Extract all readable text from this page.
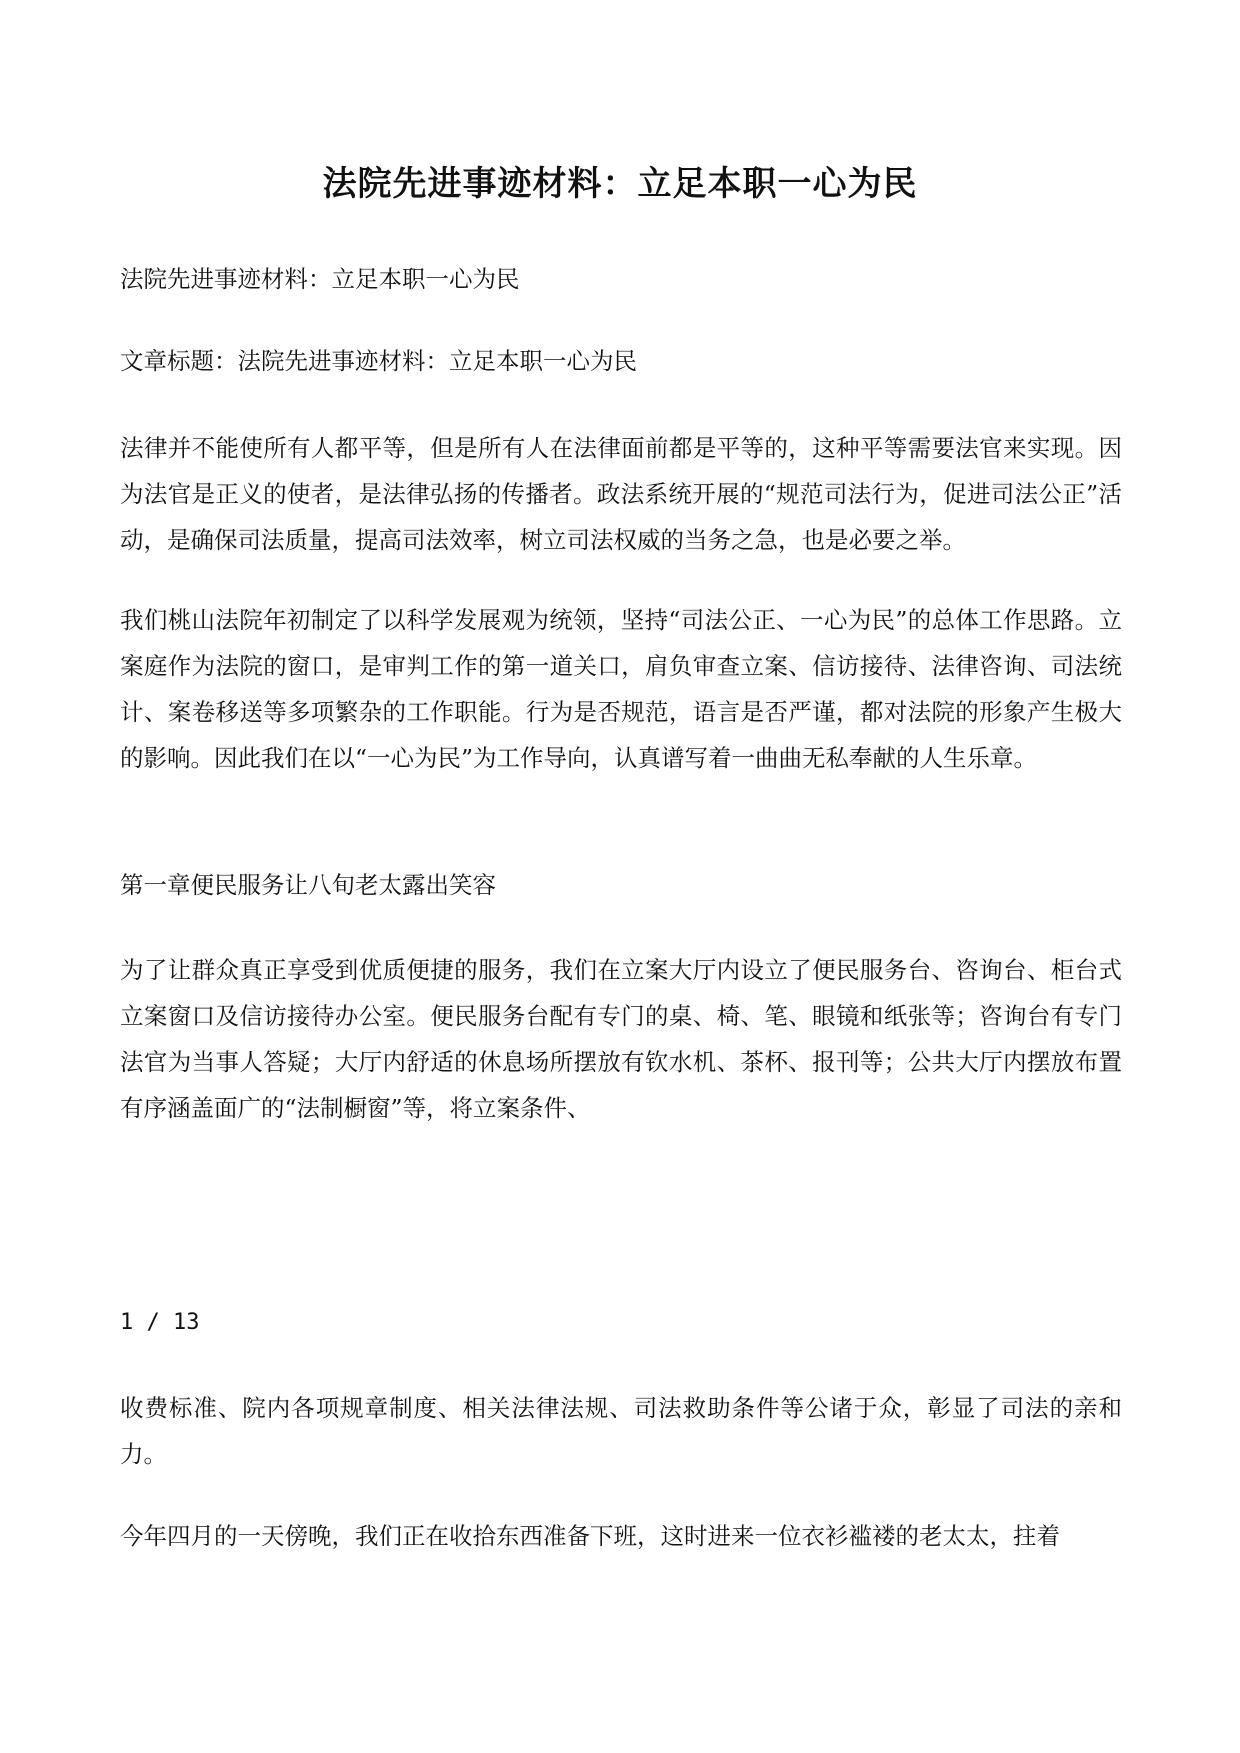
法院先进事迹材料：立足本职一心为民

法院先进事迹材料：立足本职一心为民

文章标题：法院先进事迹材料：立足本职一心为民

法律并不能使所有人都平等，但是所有人在法律面前都是平等的，这种平等需要法官来实现。因为法官是正义的使者，是法律弘扬的传播者。政法系统开展的“规范司法行为，促进司法公正”活动，是确保司法质量，提高司法效率，树立司法权威的当务之急，也是必要之举。

我们桃山法院年初制定了以科学发展观为统领，坚持“司法公正、一心为民”的总体工作思路。立案庭作为法院的窗口，是审判工作的第一道关口，肩负审查立案、信访接待、法律咨询、司法统计、案卷移送等多项繁杂的工作职能。行为是否规范，语言是否严谨，都对法院的形象产生极大的影响。因此我们在以“一心为民”为工作导向，认真谱写着一曲曲无私奉献的人生乐章。

第一章便民服务让八旬老太露出笑容

为了让群众真正享受到优质便捷的服务，我们在立案大厅内设立了便民服务台、咨询台、柜台式立案窗口及信访接待办公室。便民服务台配有专门的桌、椅、笔、眼镜和纸张等；咨询台有专门法官为当事人答疑；大厅内舒适的休息场所摆放有钦水机、茶杯、报刊等；公共大厅内摆放布置有序涵盖面广的“法制橱窗”等，将立案条件、

1 / 13

收费标准、院内各项规章制度、相关法律法规、司法救助条件等公诸于众，彰显了司法的亲和力。

今年四月的一天傍晚，我们正在收拾东西准备下班，这时进来一位衣衫褴褛的老太太，拄着
